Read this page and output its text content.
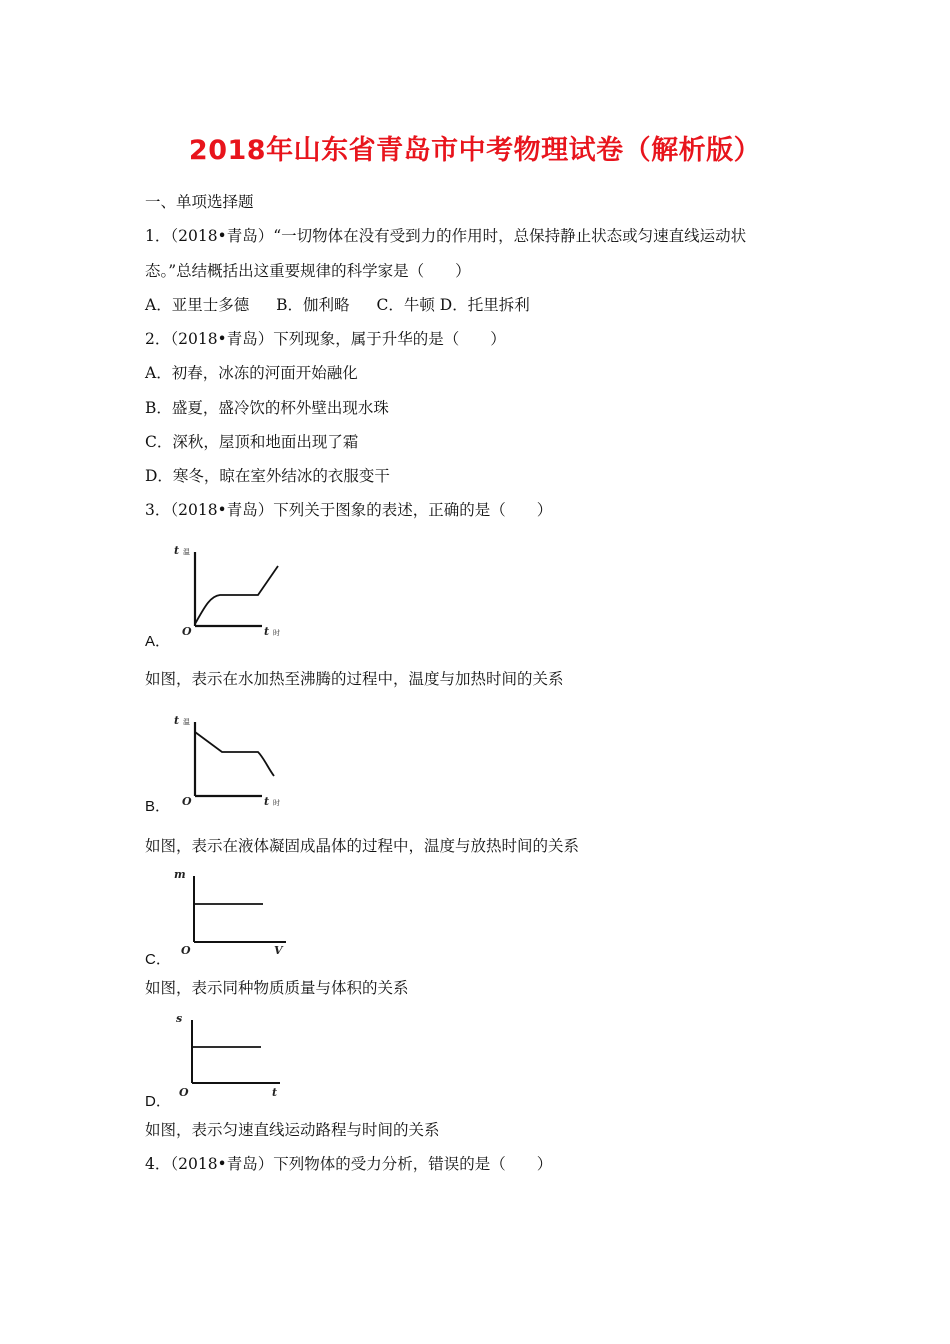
2018年山东省青岛市中考物理试卷（解析版）
一、单项选择题
1．（2018•青岛）“一切物体在没有受到力的作用时，总保持静止状态或匀速直线运动状
态。”总结概括出这重要规律的科学家是（　　）
A．亚里士多德 B．伽利略 C．牛顿 D．托里拆利
2．（2018•青岛）下列现象，属于升华的是（　　）
A．初春，冰冻的河面开始融化
B．盛夏，盛冷饮的杯外壁出现水珠
C．深秋，屋顶和地面出现了霜
D．寒冬，晾在室外结冰的衣服变干
3．（2018•青岛）下列关于图象的表述，正确的是（　　）
t 温
O	t 时
A．
如图，表示在水加热至沸腾的过程中，温度与加热时间的关系
t 温
O	t 时
B．
如图，表示在液体凝固成晶体的过程中，温度与放热时间的关系
m
O	V
C．
如图，表示同种物质质量与体积的关系
s
O	t
D．
如图，表示匀速直线运动路程与时间的关系
4．（2018•青岛）下列物体的受力分析，错误的是（　　）
